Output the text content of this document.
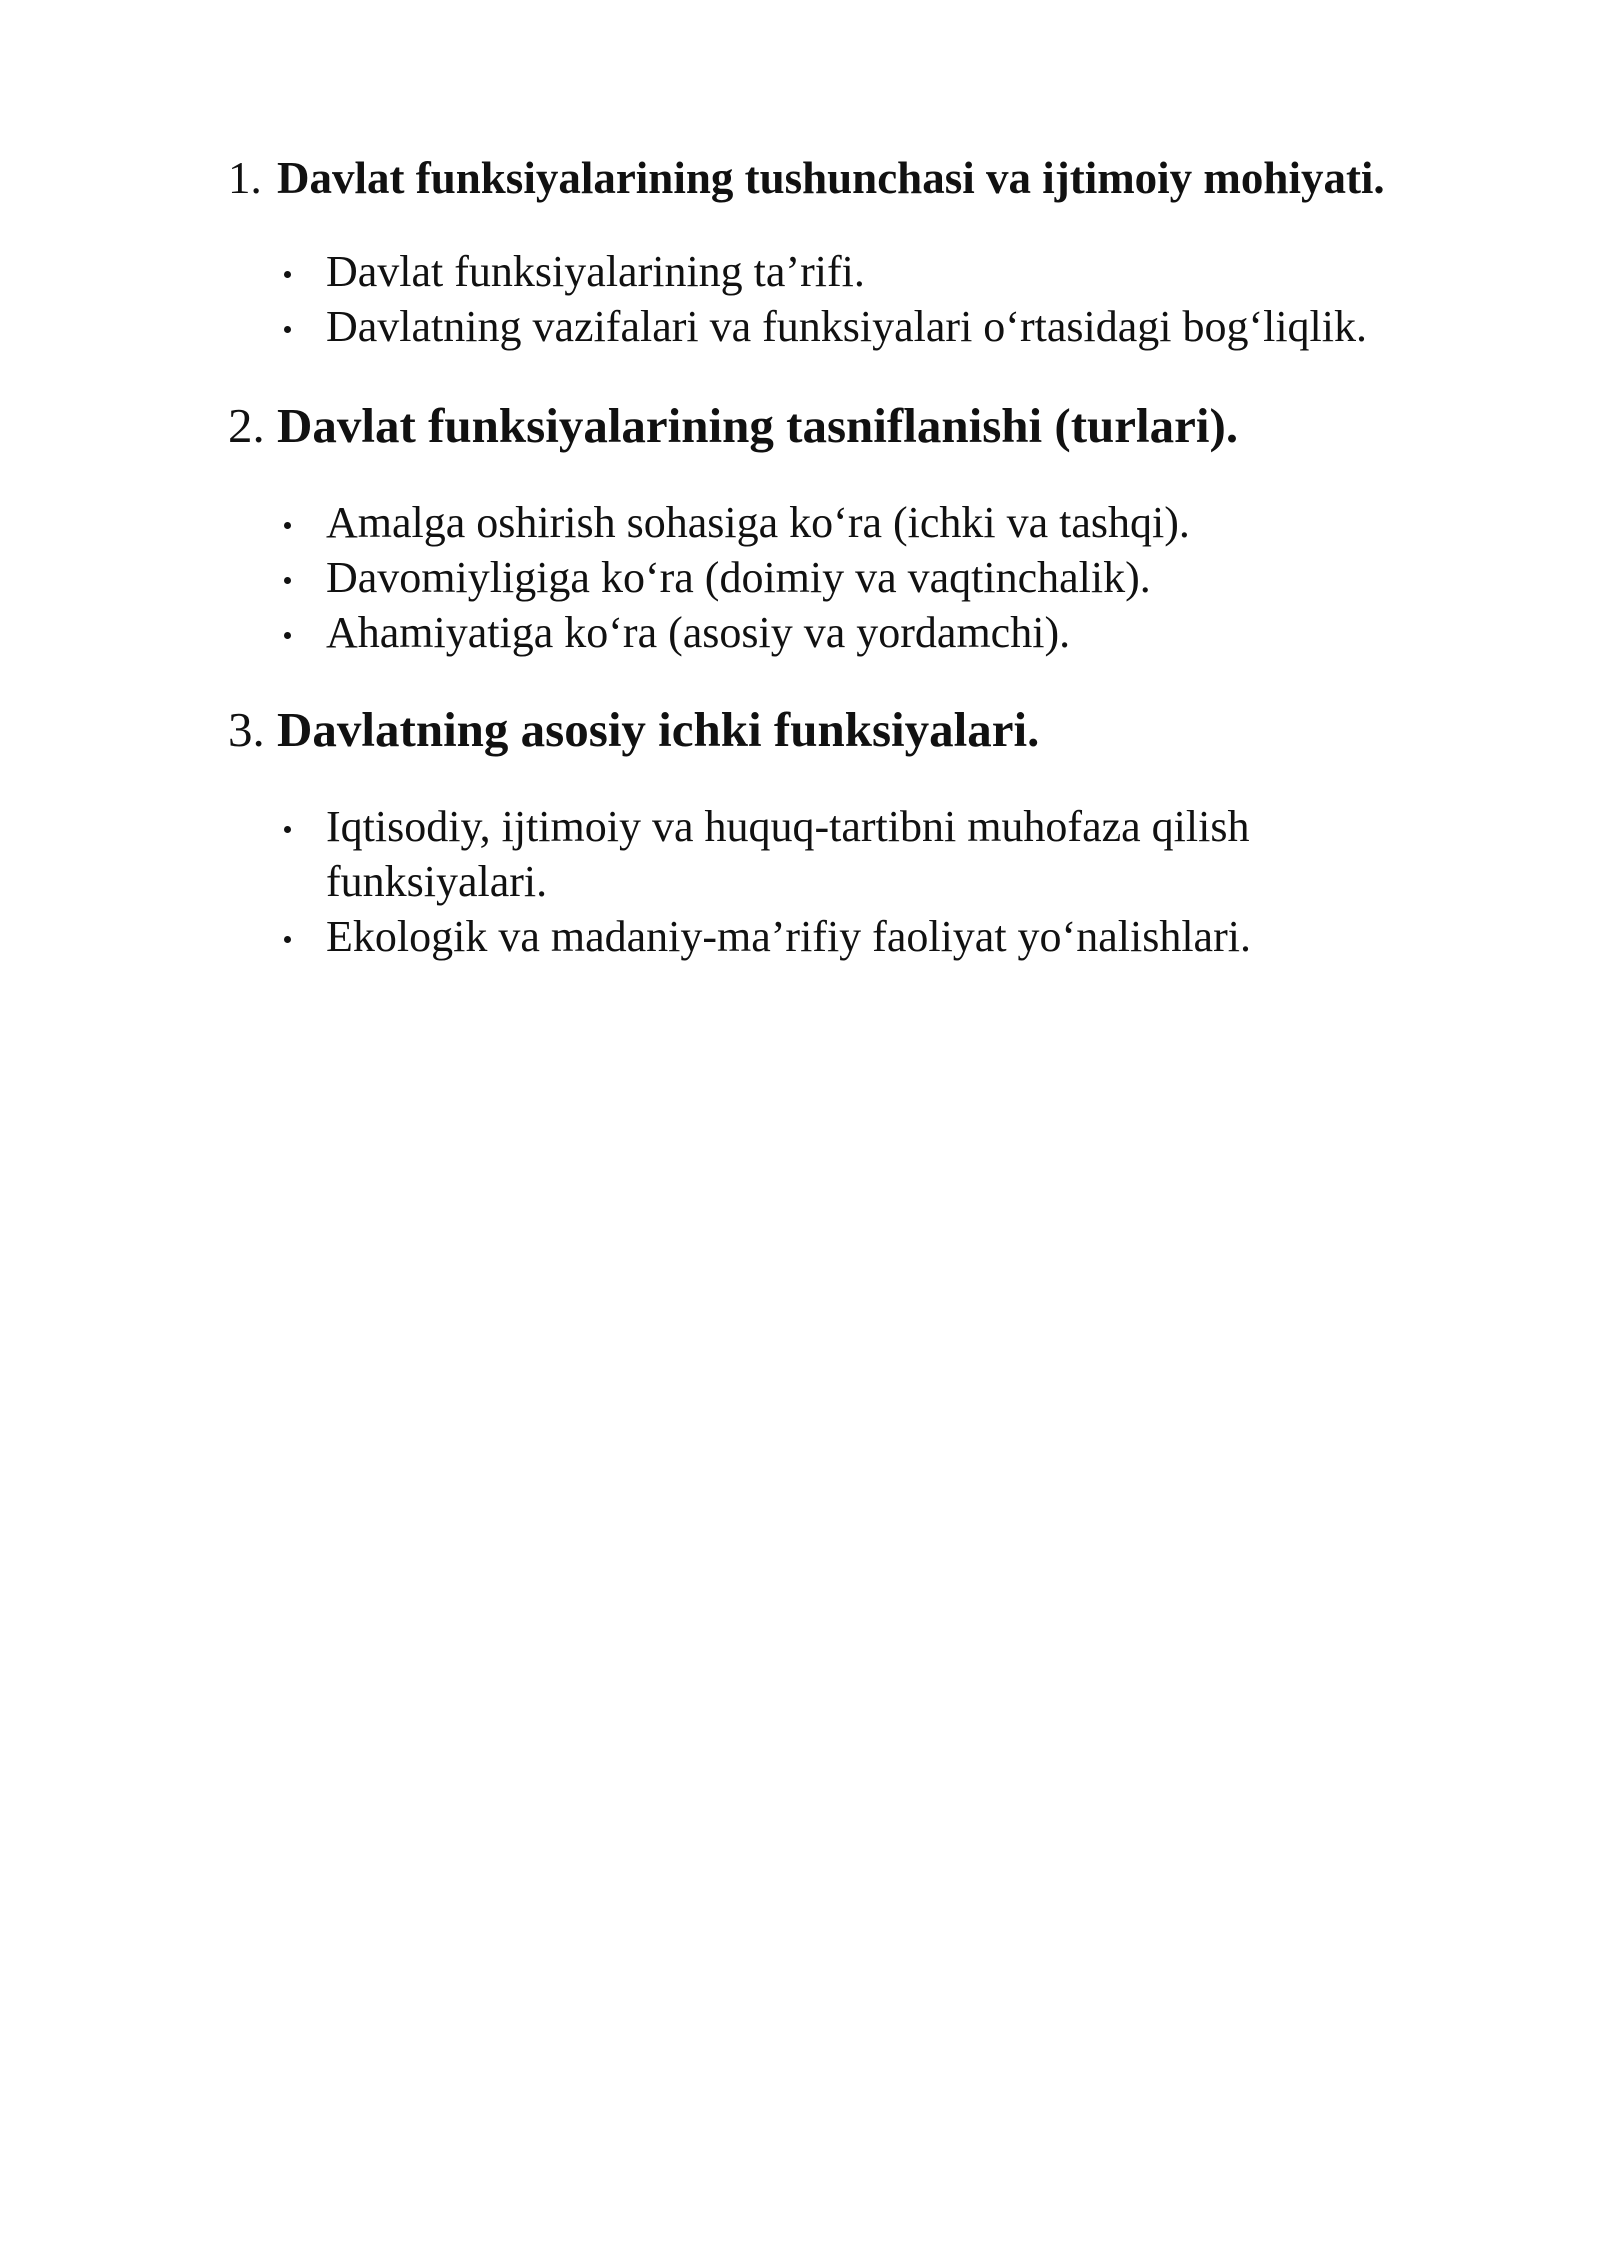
1. Davlat funksiyalarining tushunchasi va ijtimoiy mohiyati.
Davlat funksiyalarining ta’rifi.
Davlatning vazifalari va funksiyalari o‘rtasidagi bog‘liqlik.
2. Davlat funksiyalarining tasniflanishi (turlari).
Amalga oshirish sohasiga ko‘ra (ichki va tashqi).
Davomiyligiga ko‘ra (doimiy va vaqtinchalik).
Ahamiyatiga ko‘ra (asosiy va yordamchi).
3. Davlatning asosiy ichki funksiyalari.
Iqtisodiy, ijtimoiy va huquq-tartibni muhofaza qilish funksiyalari.
Ekologik va madaniy-ma’rifiy faoliyat yo‘nalishlari.
